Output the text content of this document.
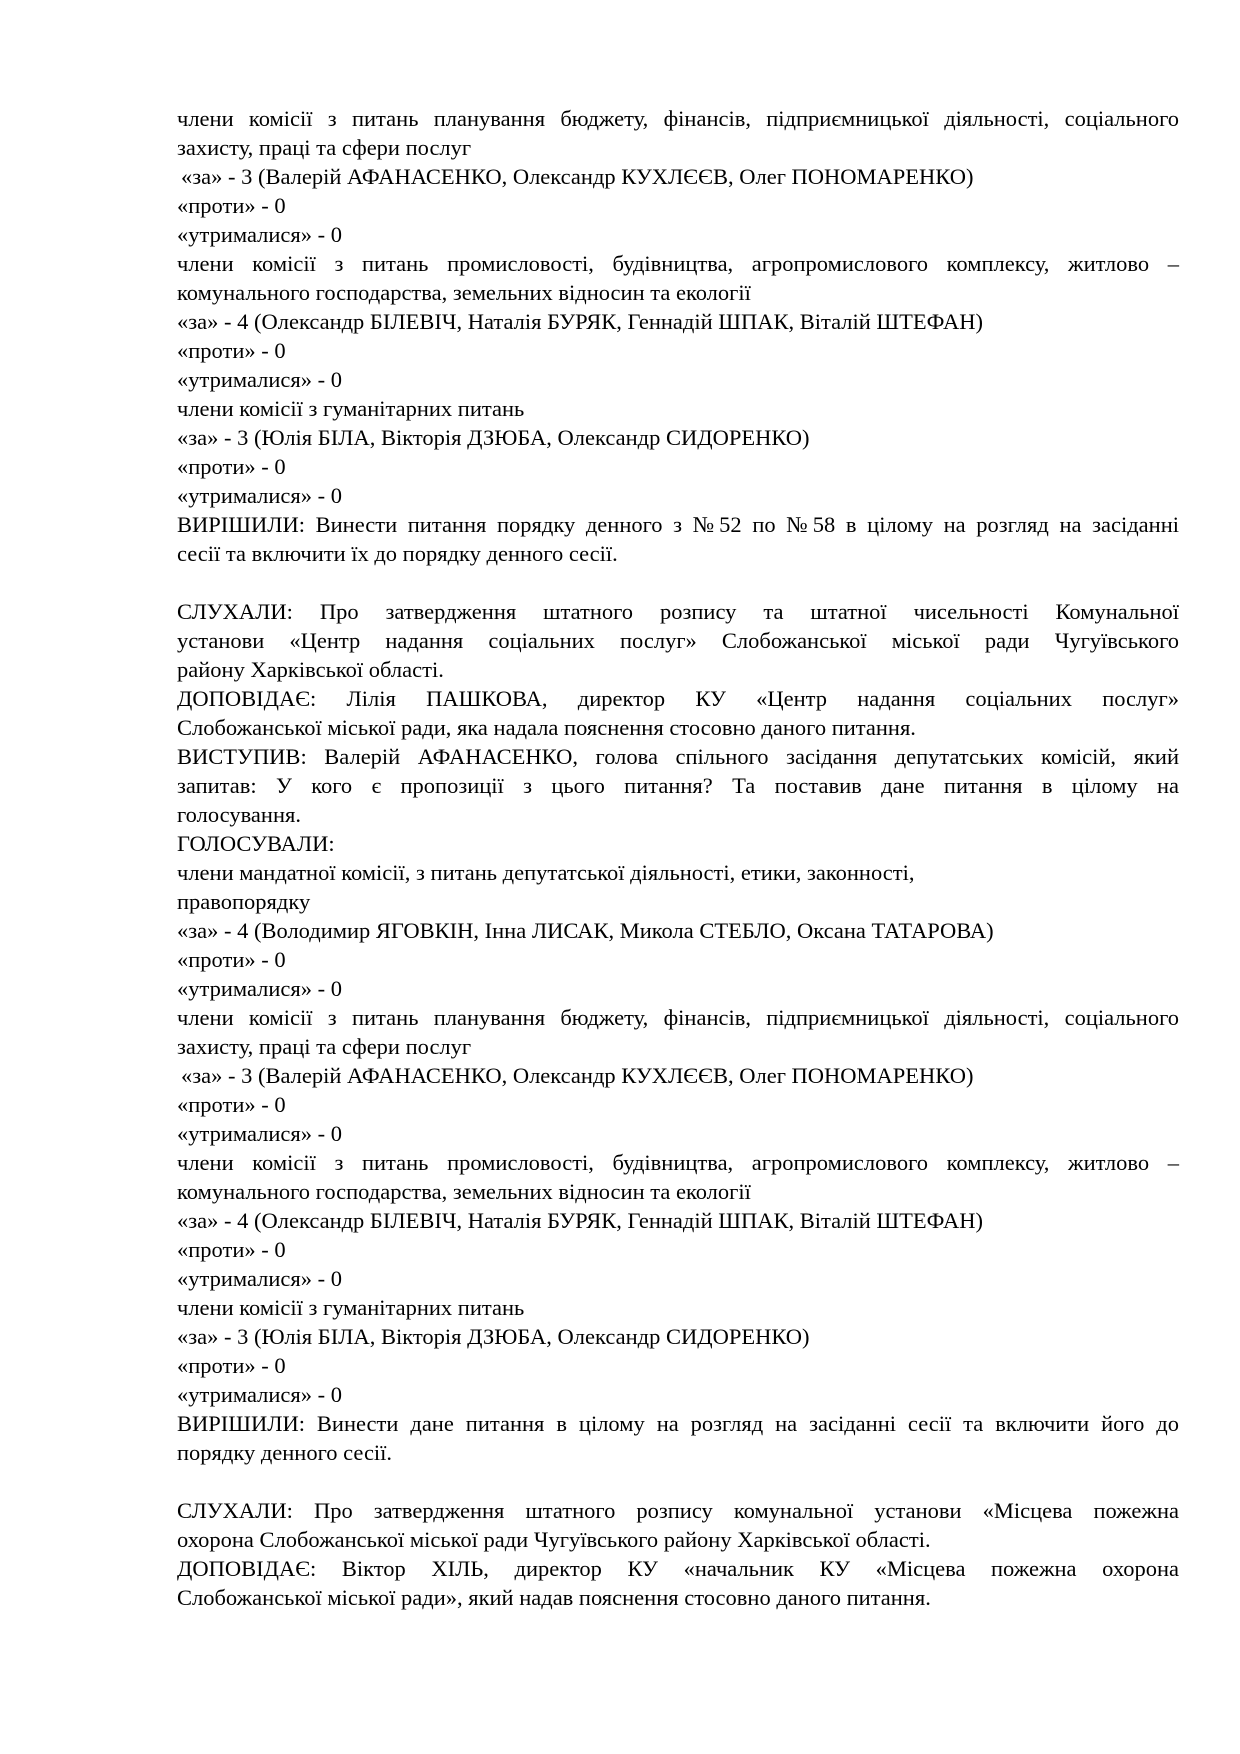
члени комісії з питань планування бюджету, фінансів, підприємницької діяльності, соціального
захисту, праці та сфери послуг
«за» - 3 (Валерій АФАНАСЕНКО, Олександр КУХЛЄЄВ, Олег ПОНОМАРЕНКО)
«проти» - 0
«утрималися» - 0
члени комісії з питань промисловості, будівництва, агропромислового комплексу, житлово –
комунального господарства, земельних відносин та екології
«за» - 4 (Олександр БІЛЕВІЧ, Наталія БУРЯК, Геннадій ШПАК, Віталій ШТЕФАН)
«проти» - 0
«утрималися» - 0
члени комісії з гуманітарних питань
«за» - 3 (Юлія БІЛА, Вікторія ДЗЮБА, Олександр СИДОРЕНКО)
«проти» - 0
«утрималися» - 0
ВИРІШИЛИ: Винести питання порядку денного з №52 по №58 в цілому на розгляд на засіданні
сесії та включити їх до порядку денного сесії.
СЛУХАЛИ: Про затвердження штатного розпису та штатної чисельності Комунальної
установи «Центр надання соціальних послуг» Слобожанської міської ради Чугуївського
району Харківської області.
ДОПОВІДАЄ: Лілія ПАШКОВА, директор КУ «Центр надання соціальних послуг»
Слобожанської міської ради, яка надала пояснення стосовно даного питання.
ВИСТУПИВ: Валерій АФАНАСЕНКО, голова спільного засідання депутатських комісій, який
запитав: У кого є пропозиції з цього питання? Та поставив дане питання в цілому на
голосування.
ГОЛОСУВАЛИ:
члени мандатної комісії, з питань депутатської діяльності, етики, законності,
правопорядку
«за» - 4 (Володимир ЯГОВКІН, Інна ЛИСАК, Микола СТЕБЛО, Оксана ТАТАРОВА)
«проти» - 0
«утрималися» - 0
члени комісії з питань планування бюджету, фінансів, підприємницької діяльності, соціального
захисту, праці та сфери послуг
«за» - 3 (Валерій АФАНАСЕНКО, Олександр КУХЛЄЄВ, Олег ПОНОМАРЕНКО)
«проти» - 0
«утрималися» - 0
члени комісії з питань промисловості, будівництва, агропромислового комплексу, житлово –
комунального господарства, земельних відносин та екології
«за» - 4 (Олександр БІЛЕВІЧ, Наталія БУРЯК, Геннадій ШПАК, Віталій ШТЕФАН)
«проти» - 0
«утрималися» - 0
члени комісії з гуманітарних питань
«за» - 3 (Юлія БІЛА, Вікторія ДЗЮБА, Олександр СИДОРЕНКО)
«проти» - 0
«утрималися» - 0
ВИРІШИЛИ: Винести дане питання в цілому на розгляд на засіданні сесії та включити його до
порядку денного сесії.
СЛУХАЛИ: Про затвердження штатного розпису комунальної установи «Місцева пожежна
охорона Слобожанської міської ради Чугуївського району Харківської області.
ДОПОВІДАЄ: Віктор ХІЛЬ, директор КУ «начальник КУ «Місцева пожежна охорона
Слобожанської міської ради», який надав пояснення стосовно даного питання.
